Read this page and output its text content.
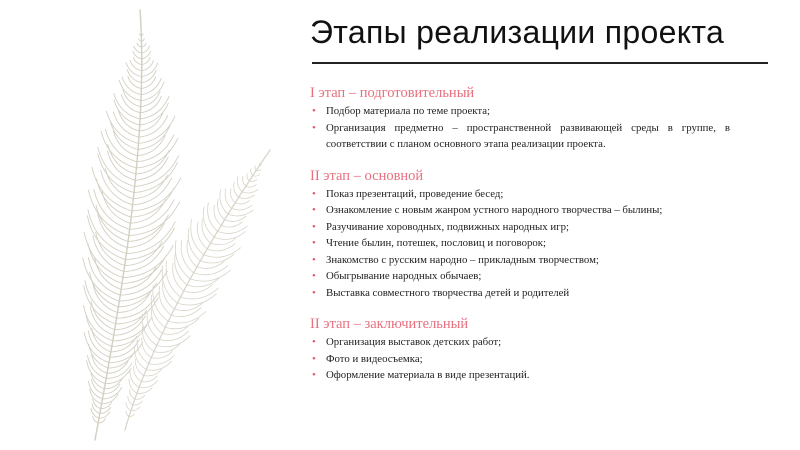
Этапы реализации проекта
I этап – подготовительный
• Подбор материала по теме проекта;
• Организация предметно – пространственной развивающей среды в группе, в соответствии с планом основного этапа реализации проекта.
II этап – основной
• Показ презентаций, проведение бесед;
• Ознакомление с новым жанром устного народного творчества – былины;
• Разучивание хороводных, подвижных народных игр;
• Чтение былин, потешек, пословиц и поговорок;
• Знакомство с русским народно – прикладным творчеством;
• Обыгрывание народных обычаев;
• Выставка совместного творчества детей и родителей
II этап – заключительный
• Организация выставок детских работ;
• Фото и видеосъемка;
• Оформление материала в виде презентаций.
